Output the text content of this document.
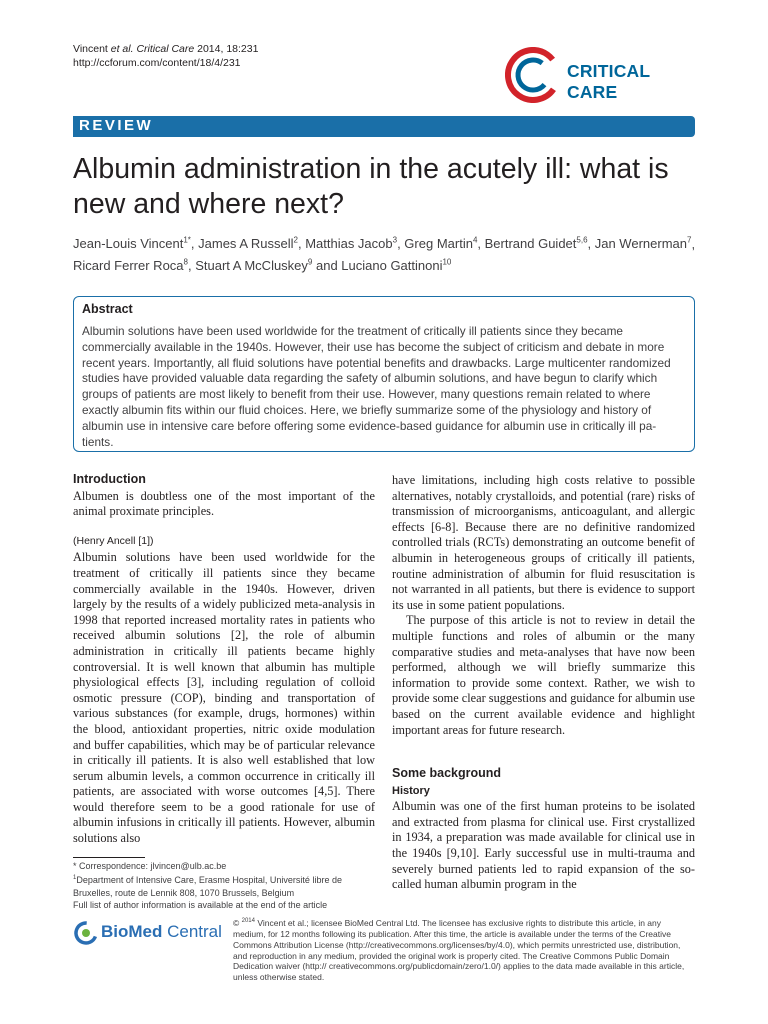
Vincent et al. Critical Care 2014, 18:231
http://ccforum.com/content/18/4/231	CRITICAL CARE
REVIEW
Albumin administration in the acutely ill: what is new and where next?
Jean-Louis Vincent$^{1*}$, James A Russell$^2$, Matthias Jacob$^3$, Greg Martin$^4$, Bertrand Guidet$^{5,6}$, Jan Wernerman$^7$,
Ricard Ferrer Roca$^8$, Stuart A McCluskey$^9$ and Luciano Gattinoni$^{10}$
Abstract
Albumin solutions have been used worldwide for the treatment of critically ill patients since they became
commercially available in the 1940s. However, their use has become the subject of criticism and debate in more
recent years. Importantly, all fluid solutions have potential benefits and drawbacks. Large multicenter randomized
studies have provided valuable data regarding the safety of albumin solutions, and have begun to clarify which
groups of patients are most likely to benefit from their use. However, many questions remain related to where
exactly albumin fits within our fluid choices. Here, we briefly summarize some of the physiology and history of
albumin use in intensive care before offering some evidence-based guidance for albumin use in critically ill pa-
tients.
Introduction
Albumen is doubtless one of the most important of the animal proximate principles.
(Henry Ancell [1])
Albumin solutions have been used worldwide for the treatment of critically ill patients since they became commercially available in the 1940s. However, driven largely by the results of a widely publicized meta-analysis in 1998 that reported increased mortality rates in patients who received albumin solutions [2], the role of albumin administration in critically ill patients became highly controversial. It is well known that albumin has multiple physiological effects [3], including regulation of colloid osmotic pressure (COP), binding and transportation of various substances (for example, drugs, hormones) within the blood, antioxidant properties, nitric oxide modulation and buffer capabilities, which may be of particular relevance in critically ill patients. It is also well established that low serum albumin levels, a common occurrence in critically ill patients, are associated with worse outcomes [4,5]. There would therefore seem to be a good rationale for use of albumin infusions in critically ill patients. However, albumin solutions also
have limitations, including high costs relative to possible alternatives, notably crystalloids, and potential (rare) risks of transmission of microorganisms, anticoagulant, and allergic effects [6-8]. Because there are no definitive randomized controlled trials (RCTs) demonstrating an outcome benefit of albumin in heterogeneous groups of critically ill patients, routine administration of albumin for fluid resuscitation is not warranted in all patients, but there is evidence to support its use in some patient populations.
The purpose of this article is not to review in detail the multiple functions and roles of albumin or the many comparative studies and meta-analyses that have now been performed, although we will briefly summarize this information to provide some context. Rather, we wish to provide some clear suggestions and guidance for albumin use based on the current available evidence and highlight important areas for future research.
Some background
History
Albumin was one of the first human proteins to be isolated and extracted from plasma for clinical use. First crystallized in 1934, a preparation was made available for clinical use in the 1940s [9,10]. Early successful use in multi-trauma and severely burned patients led to rapid expansion of the so-called human albumin program in the
* Correspondence: jlvincen@ulb.ac.be
$^1$Department of Intensive Care, Erasme Hospital, Université libre de Bruxelles, route de Lennik 808, 1070 Brussels, Belgium
Full list of author information is available at the end of the article
BioMed Central © $^{2014}$ Vincent et al.; licensee BioMed Central Ltd. The licensee has exclusive rights to distribute this article, in any medium, for 12 months following its publication. After this time, the article is available under the terms of the Creative Commons Attribution License (http://creativecommons.org/licenses/by/4.0), which permits unrestricted use, distribution, and reproduction in any medium, provided the original work is properly cited. The Creative Commons Public Domain Dedication waiver (http:// creativecommons.org/publicdomain/zero/1.0/) applies to the data made available in this article, unless otherwise stated.
